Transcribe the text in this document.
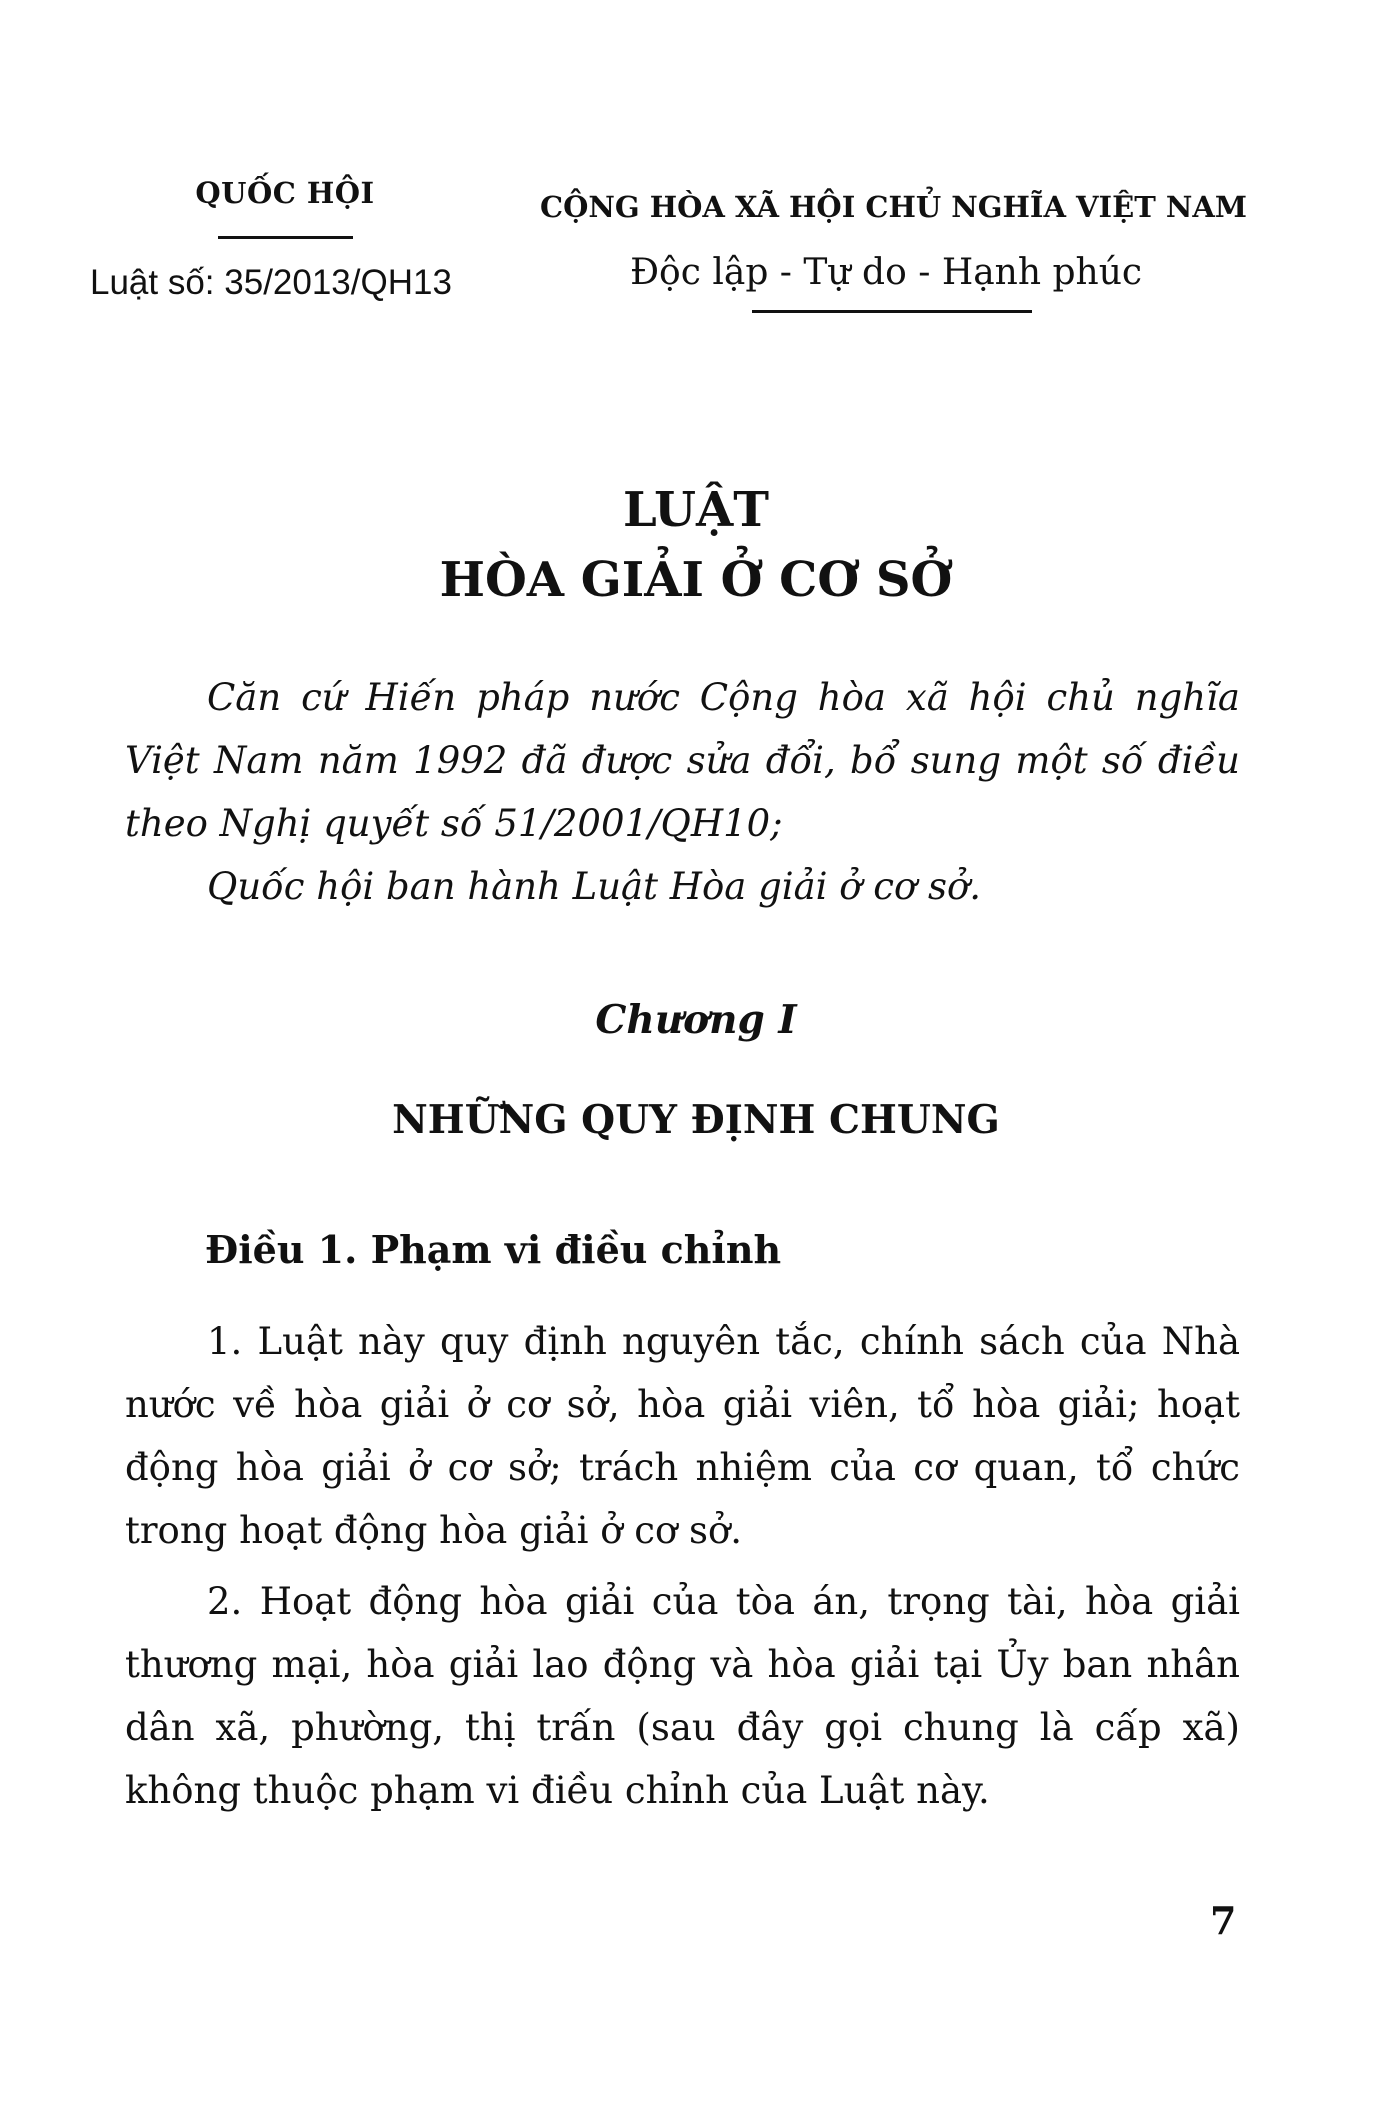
QUỐC HỘI
Luật số: 35/2013/QH13
CỘNG HÒA XÃ HỘI CHỦ NGHĨA VIỆT NAM
Độc lập - Tự do - Hạnh phúc
LUẬT
HÒA GIẢI Ở CƠ SỞ
Căn cứ Hiến pháp nước Cộng hòa xã hội chủ nghĩa Việt Nam năm 1992 đã được sửa đổi, bổ sung một số điều theo Nghị quyết số 51/2001/QH10;
Quốc hội ban hành Luật Hòa giải ở cơ sở.
Chương I
NHỮNG QUY ĐỊNH CHUNG
Điều 1. Phạm vi điều chỉnh
1. Luật này quy định nguyên tắc, chính sách của Nhà nước về hòa giải ở cơ sở, hòa giải viên, tổ hòa giải; hoạt động hòa giải ở cơ sở; trách nhiệm của cơ quan, tổ chức trong hoạt động hòa giải ở cơ sở.
2. Hoạt động hòa giải của tòa án, trọng tài, hòa giải thương mại, hòa giải lao động và hòa giải tại Ủy ban nhân dân xã, phường, thị trấn (sau đây gọi chung là cấp xã) không thuộc phạm vi điều chỉnh của Luật này.
7
